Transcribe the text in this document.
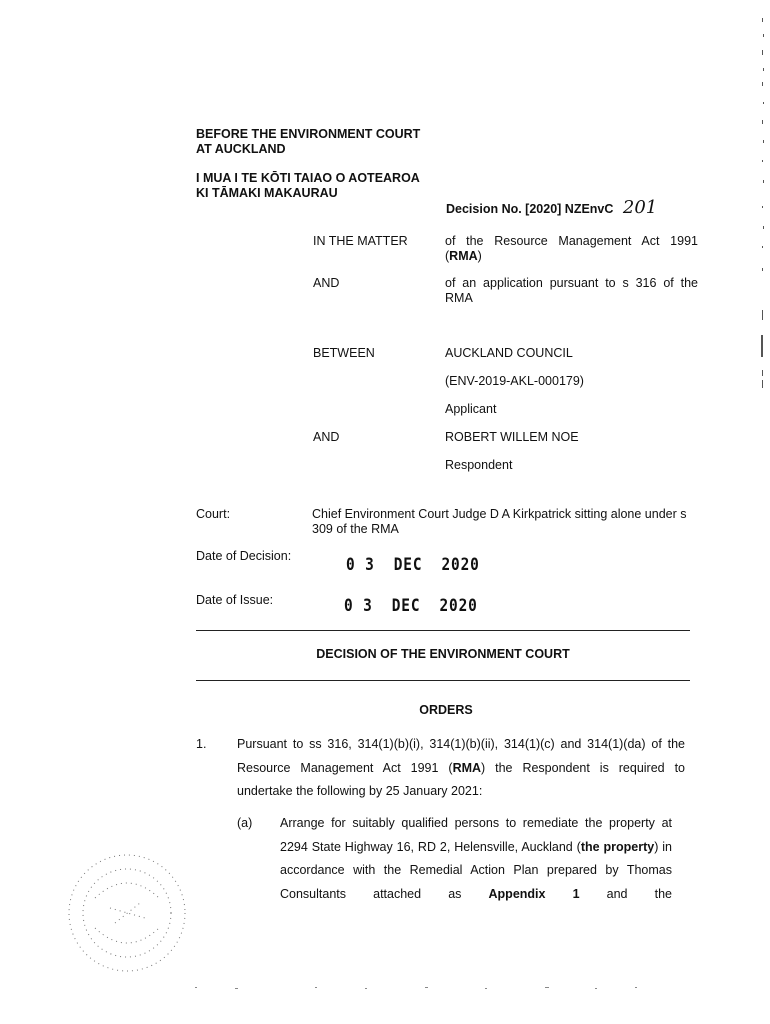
BEFORE THE ENVIRONMENT COURT
AT AUCKLAND
I MUA I TE KŌTI TAIAO O AOTEAROA
KI TĀMAKI MAKAURAU
Decision No. [2020] NZEnvC 201
IN THE MATTER	of the Resource Management Act 1991 (RMA)
AND	of an application pursuant to s 316 of the RMA
BETWEEN	AUCKLAND COUNCIL
(ENV-2019-AKL-000179)
Applicant
AND	ROBERT WILLEM NOE
Respondent
Court:	Chief Environment Court Judge D A Kirkpatrick sitting alone under s 309 of the RMA
Date of Decision:	0 3  DEC  2020
Date of Issue:	0 3  DEC  2020
DECISION OF THE ENVIRONMENT COURT
ORDERS
1. Pursuant to ss 316, 314(1)(b)(i), 314(1)(b)(ii), 314(1)(c) and 314(1)(da) of the Resource Management Act 1991 (RMA) the Respondent is required to undertake the following by 25 January 2021:
(a) Arrange for suitably qualified persons to remediate the property at 2294 State Highway 16, RD 2, Helensville, Auckland (the property) in accordance with the Remedial Action Plan prepared by Thomas Consultants attached as Appendix 1 and the
